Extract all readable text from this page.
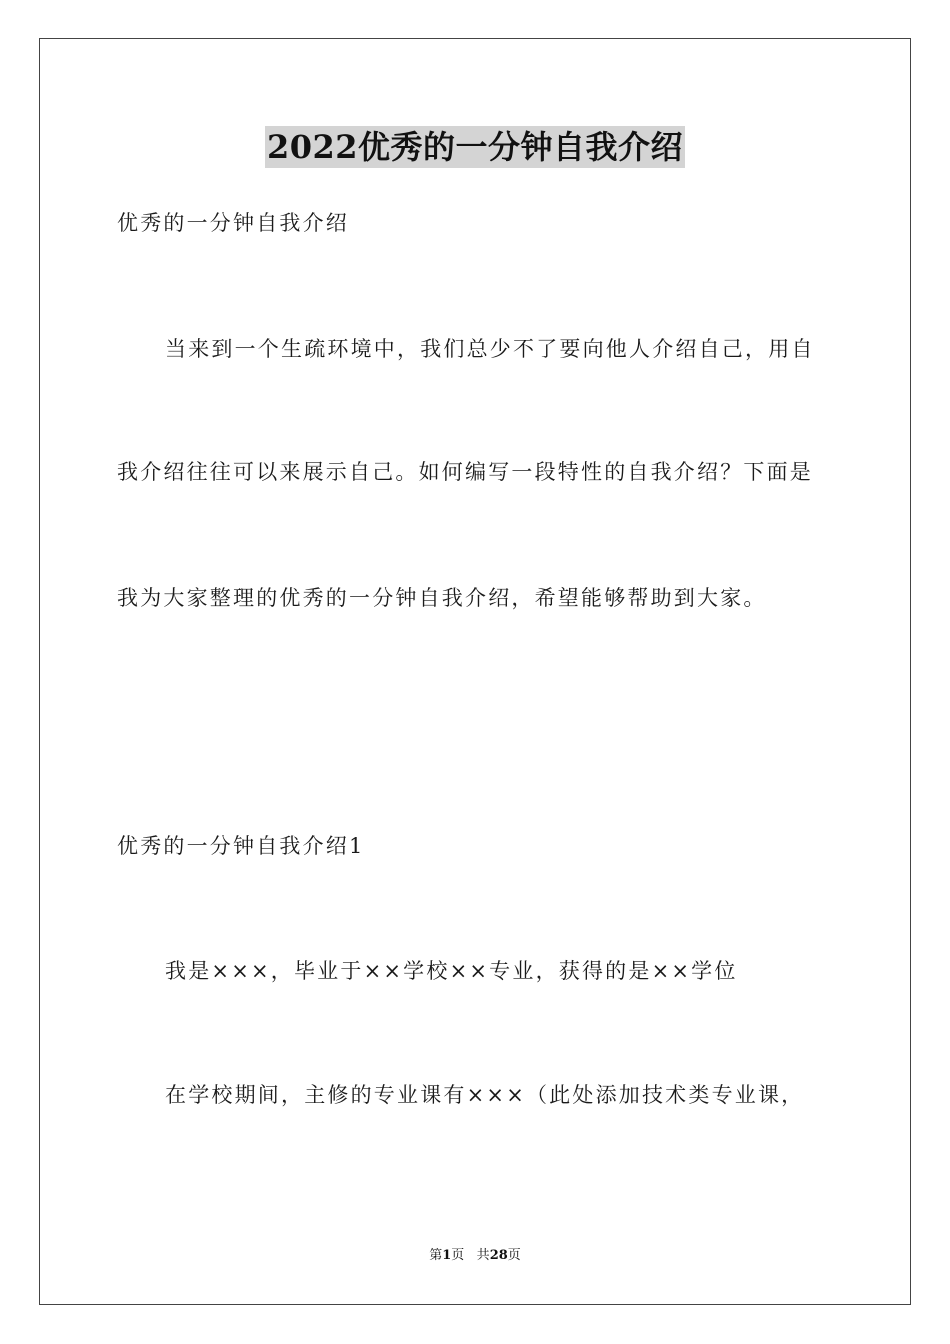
2022优秀的一分钟自我介绍
优秀的一分钟自我介绍
当来到一个生疏环境中，我们总少不了要向他人介绍自己，用自
我介绍往往可以来展示自己。如何编写一段特性的自我介绍？下面是
我为大家整理的优秀的一分钟自我介绍，希望能够帮助到大家。
优秀的一分钟自我介绍1
我是×××，毕业于××学校××专业，获得的是××学位
在学校期间，主修的专业课有×××（此处添加技术类专业课，
第1页 共28页
